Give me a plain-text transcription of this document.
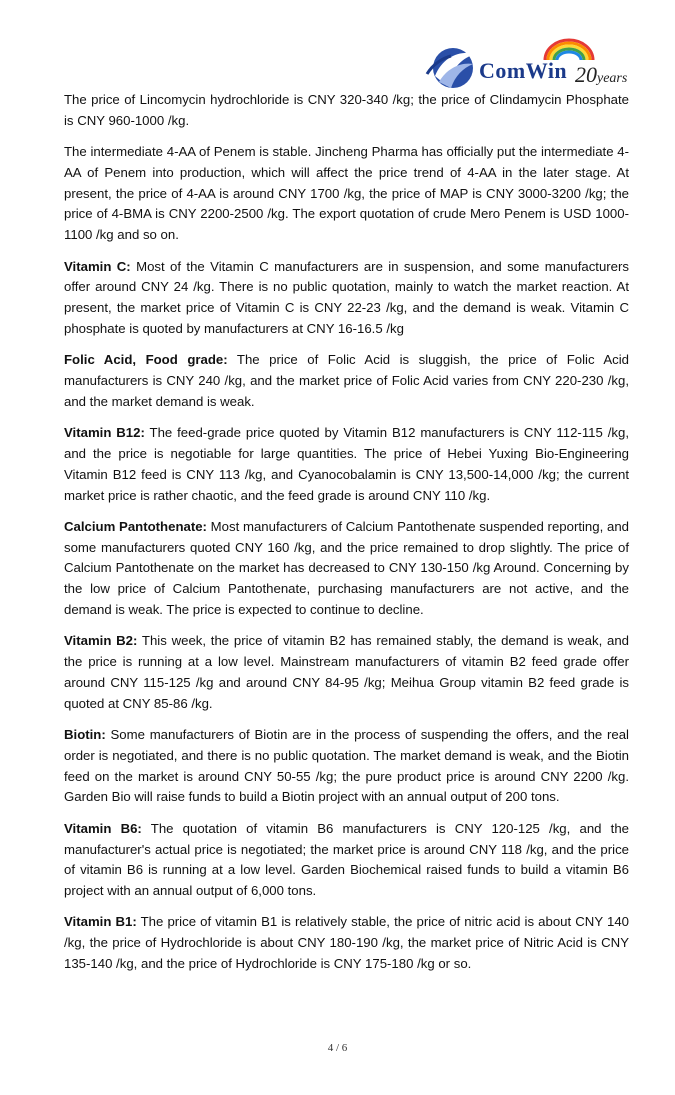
ComWin 20years

The price of Lincomycin hydrochloride is CNY 320-340 /kg; the price of Clindamycin Phosphate is CNY 960-1000 /kg.

The intermediate 4-AA of Penem is stable. Jincheng Pharma has officially put the intermediate 4-AA of Penem into production, which will affect the price trend of 4-AA in the later stage. At present, the price of 4-AA is around CNY 1700 /kg, the price of MAP is CNY 3000-3200 /kg; the price of 4-BMA is CNY 2200-2500 /kg. The export quotation of crude Mero Penem is USD 1000-1100 /kg and so on.

Vitamin C: Most of the Vitamin C manufacturers are in suspension, and some manufacturers offer around CNY 24 /kg. There is no public quotation, mainly to watch the market reaction. At present, the market price of Vitamin C is CNY 22-23 /kg, and the demand is weak. Vitamin C phosphate is quoted by manufacturers at CNY 16-16.5 /kg

Folic Acid, Food grade: The price of Folic Acid is sluggish, the price of Folic Acid manufacturers is CNY 240 /kg, and the market price of Folic Acid varies from CNY 220-230 /kg, and the market demand is weak.

Vitamin B12: The feed-grade price quoted by Vitamin B12 manufacturers is CNY 112-115 /kg, and the price is negotiable for large quantities. The price of Hebei Yuxing Bio-Engineering Vitamin B12 feed is CNY 113 /kg, and Cyanocobalamin is CNY 13,500-14,000 /kg; the current market price is rather chaotic, and the feed grade is around CNY 110 /kg.

Calcium Pantothenate: Most manufacturers of Calcium Pantothenate suspended reporting, and some manufacturers quoted CNY 160 /kg, and the price remained to drop slightly. The price of Calcium Pantothenate on the market has decreased to CNY 130-150 /kg Around. Concerning by the low price of Calcium Pantothenate, purchasing manufacturers are not active, and the demand is weak. The price is expected to continue to decline.

Vitamin B2: This week, the price of vitamin B2 has remained stably, the demand is weak, and the price is running at a low level. Mainstream manufacturers of vitamin B2 feed grade offer around CNY 115-125 /kg and around CNY 84-95 /kg; Meihua Group vitamin B2 feed grade is quoted at CNY 85-86 /kg.

Biotin: Some manufacturers of Biotin are in the process of suspending the offers, and the real order is negotiated, and there is no public quotation. The market demand is weak, and the Biotin feed on the market is around CNY 50-55 /kg; the pure product price is around CNY 2200 /kg. Garden Bio will raise funds to build a Biotin project with an annual output of 200 tons.

Vitamin B6: The quotation of vitamin B6 manufacturers is CNY 120-125 /kg, and the manufacturer's actual price is negotiated; the market price is around CNY 118 /kg, and the price of vitamin B6 is running at a low level. Garden Biochemical raised funds to build a vitamin B6 project with an annual output of 6,000 tons.

Vitamin B1: The price of vitamin B1 is relatively stable, the price of nitric acid is about CNY 140 /kg, the price of Hydrochloride is about CNY 180-190 /kg, the market price of Nitric Acid is CNY 135-140 /kg, and the price of Hydrochloride is CNY 175-180 /kg or so.

4 / 6
